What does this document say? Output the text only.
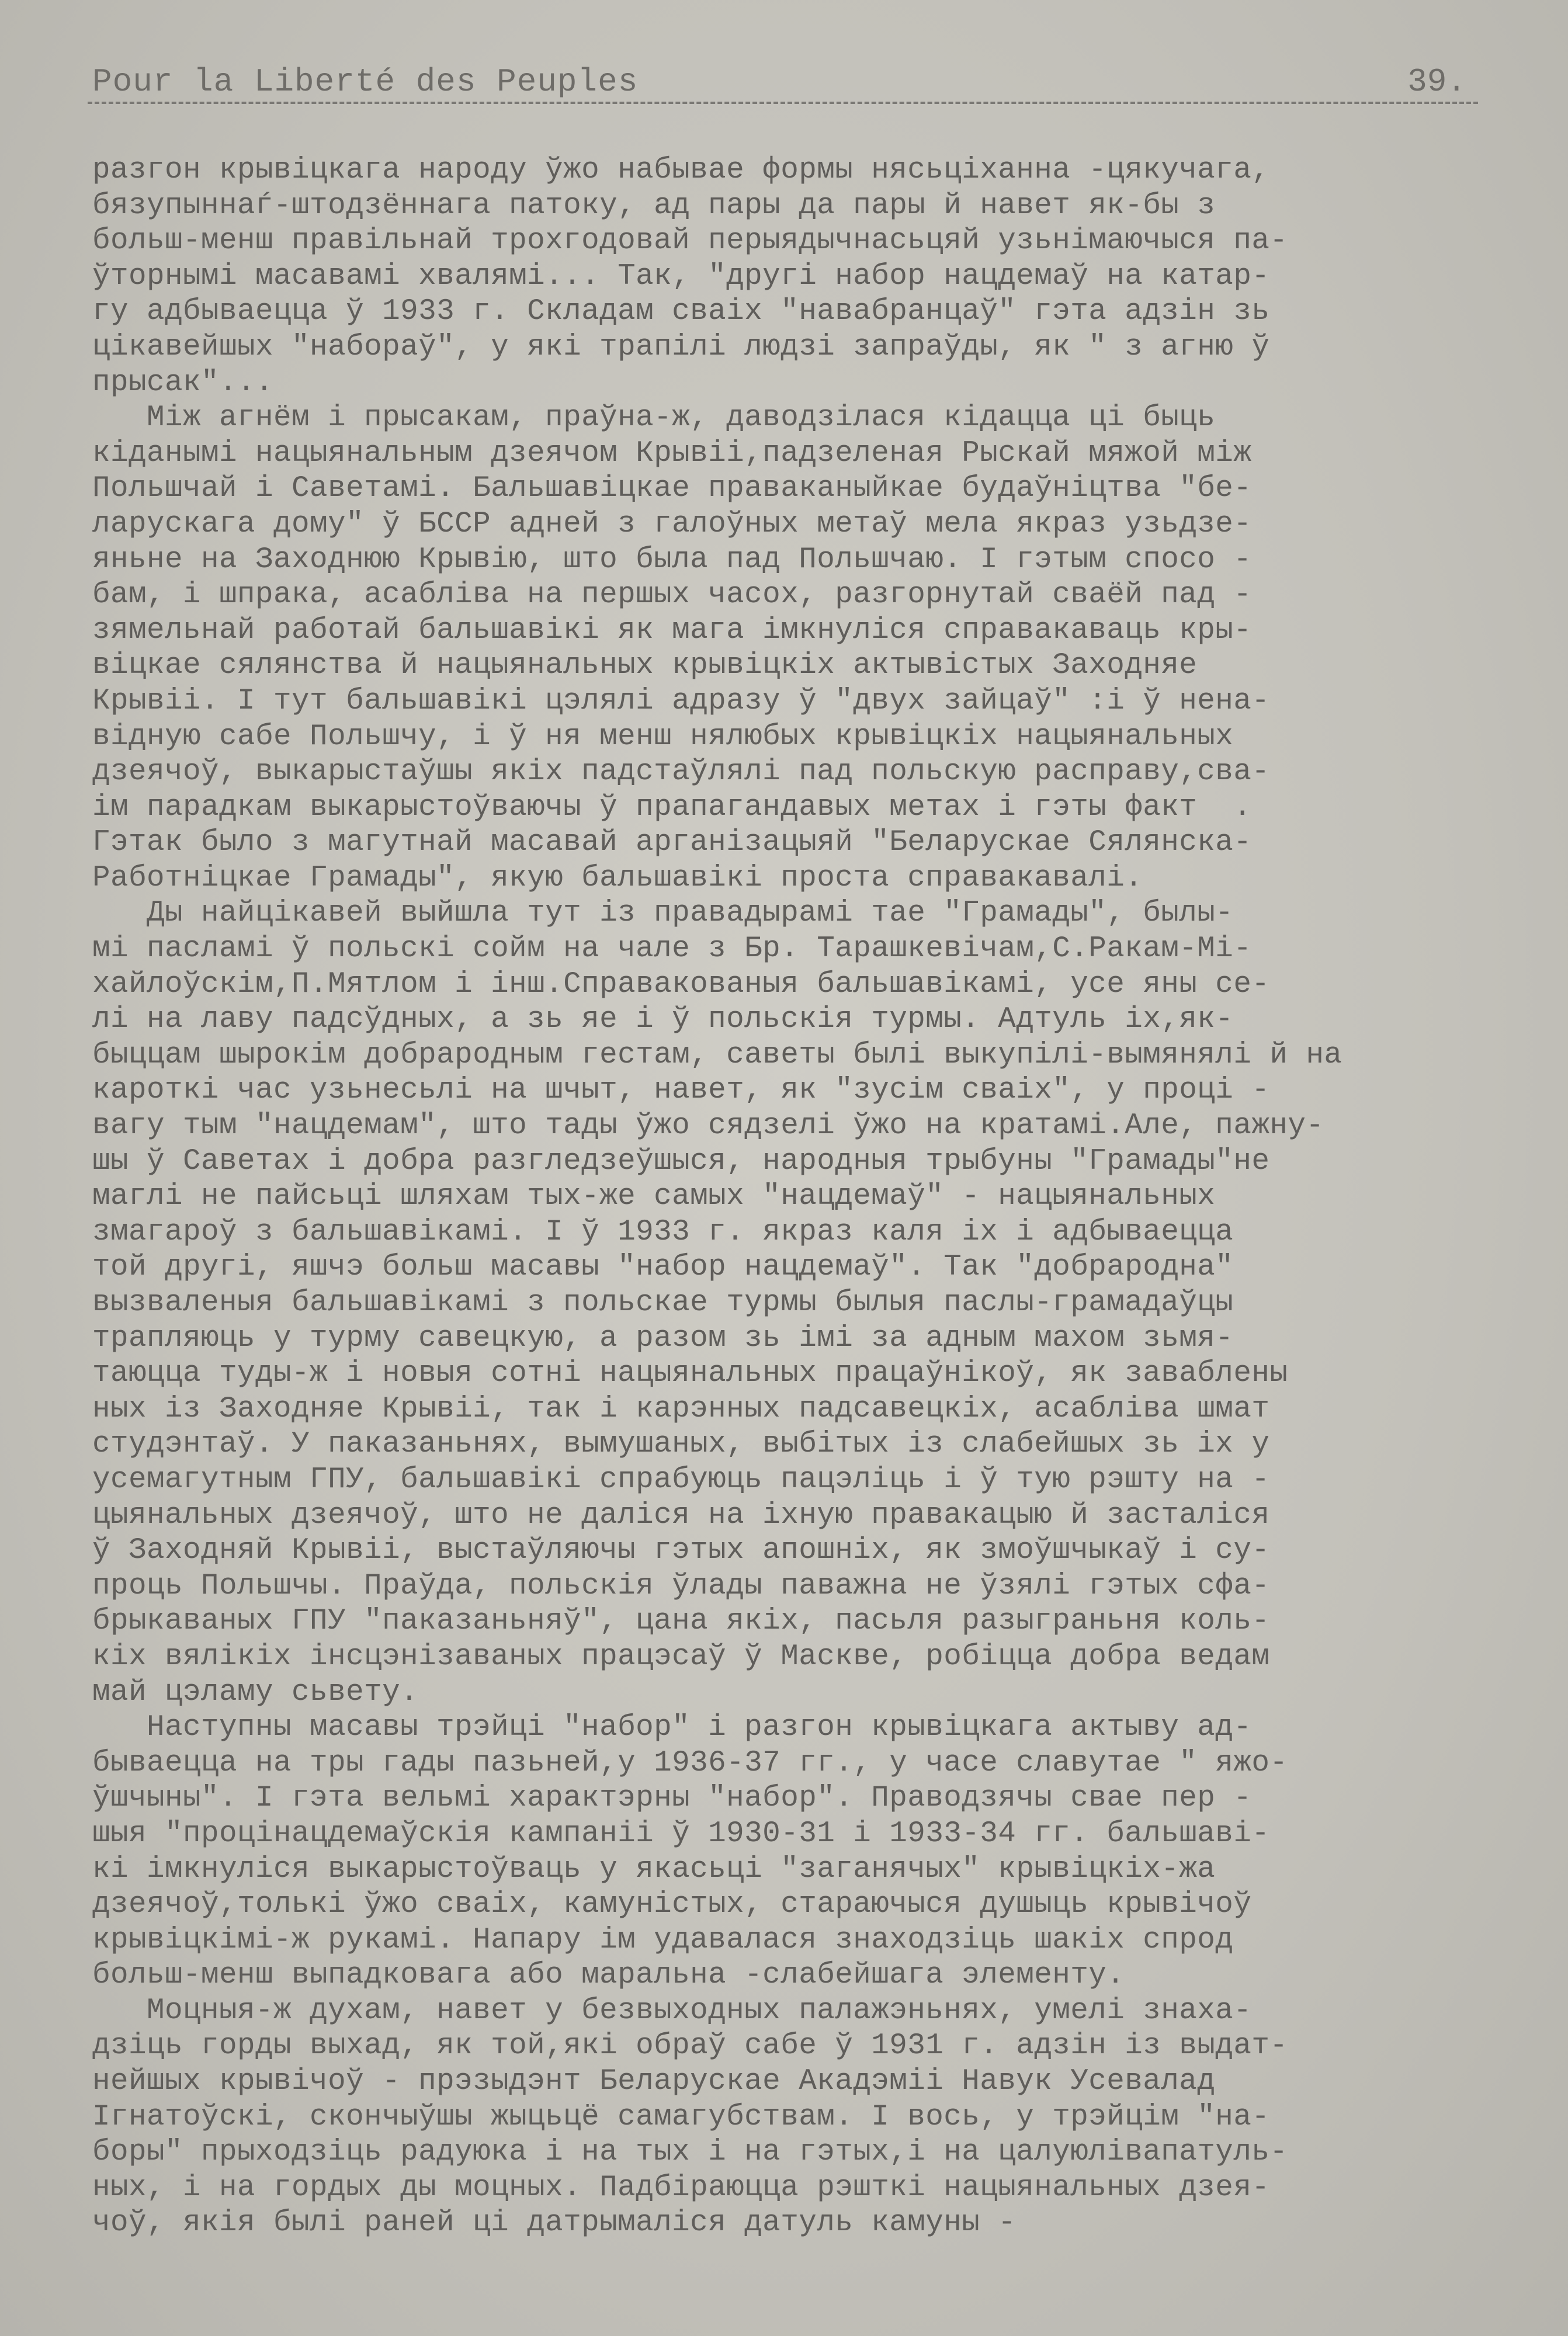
Pour la Liberté des Peuples

	39.

разгон крывіцкага народу ўжо набывае формы нясьціханна -цякучага,
бязупыннаѓ-штодзённага патоку, ад пары да пары й навет як-бы з
больш-менш правільнай трохгодовай перыядычнасьцяй узьнімаючыся па-
ўторнымі масавамі хвалямі... Так, "другі набор нацдемаў на катар-
гу адбываецца ў 1933 г. Складам сваіх "навабранцаў" гэта адзін зь
цікавейшых "набораў", у які трапілі людзі запраўды, як " з агню ў
прысак"...
Між агнём і прысакам, праўна-ж, даводзілася кідацца ці быць
кіданымі нацыянальным дзеячом Крывіі,падзеленая Рыскай мяжой між
Польшчай і Саветамі. Бальшавіцкае праваканыйкае будаўніцтва "бе-
ларускага дому" ў БССР адней з галоўных метаў мела якраз узьдзе-
яньне на Заходнюю Крывію, што была пад Польшчаю. І гэтым спосо -
бам, і шпрака, асабліва на першых часох, разгорнутай сваёй пад -
зямельнай работай бальшавікі як мага імкнуліся справакаваць кры-
віцкае сялянства й нацыянальных крывіцкіх актывістых Заходняе
Крывіі. І тут бальшавікі цэлялі адразу ў "двух зайцаў" :і ў нена-
відную сабе Польшчу, і ў ня менш нялюбых крывіцкіх нацыянальных
дзеячоў, выкарыстаўшы якіх падстаўлялі пад польскую расправу,сва-
ім парадкам выкарыстоўваючы ў прапагандавых метах і гэты факт  .
Гэтак было з магутнай масавай арганізацыяй "Беларускае Сялянска-
Работніцкае Грамады", якую бальшавікі проста справакавалі.
Ды найцікавей выйшла тут із правадырамі тае "Грамады", былы-
мі пасламі ў польскі сойм на чале з Бр. Тарашкевічам,С.Ракам-Мі-
хайлоўскім,П.Мятлом і інш.Справакованыя бальшавікамі, усе яны се-
лі на лаву падсўдных, а зь яе і ў польскія турмы. Адтуль іх,як-
быццам шырокім добрародным гестам, саветы былі выкупілі-вымянялі й на
кароткі час узьнесьлі на шчыт, навет, як "зусім сваіх", у процi -
вагу тым "нацдемам", што тады ўжо сядзелі ўжо на кратамі.Але, пажну-
шы ў Саветах і добра разгледзеўшыся, народныя трыбуны "Грамады"не
маглі не пайсьці шляхам тых-же самых "нацдемаў" - нацыянальных
змагароў з бальшавікамі. І ў 1933 г. якраз каля іх і адбываецца
той другі, яшчэ больш масавы "набор нацдемаў". Так "добрародна"
вызваленыя бальшавікамі з польскае турмы былыя паслы-грамадаўцы
трапляюць у турму савецкую, а разом зь імі за адным махом зьмя-
таюцца туды-ж і новыя сотні нацыянальных працаўнікоў, як заваблены
ных із Заходняе Крывіі, так і карэнных падсавецкіх, асабліва шмат
студэнтаў. У паказаньнях, вымушаных, выбітых із слабейшых зь іх у
усемагутным ГПУ, бальшавікі спрабуюць пацэліць і ў тую рэшту на -
цыянальных дзеячоў, што не даліся на іхную правакацыю й засталіся
ў Заходняй Крывіі, выстаўляючы гэтых апошніх, як змоўшчыкаў і су-
проць Польшчы. Праўда, польскія ўлады паважна не ўзялі гэтых сфа-
брыкаваных ГПУ "паказаньняў", цана якіх, пасьля разыграньня коль-
кіх вялікіх інсцэнізаваных працэсаў ў Маскве, робіцца добра ведам
май цэламу сьвету.
Наступны масавы трэйці "набор" і разгон крывіцкага актыву ад-
бываецца на тры гады пазьней,у 1936-37 гг., у часе славутае " яжо-
ўшчыны". І гэта вельмі характэрны "набор". Праводзячы свае пер -
шыя "процінацдемаўскія кампаніі ў 1930-31 і 1933-34 гг. бальшаві-
кі імкнуліся выкарыстоўваць у якасьці "заганячых" крывіцкіх-жа
дзеячоў,толькі ўжо сваіх, камуністых, стараючыся душыць крывічоў
крывіцкімі-ж рукамі. Напару ім удавалася знаходзіць шакіх спрод
больш-менш выпадковага або маральна -слабейшага элементу.
Моцныя-ж духам, навет у безвыходных палажэньнях, умелі знаха-
дзіць горды выхад, як той,які обраў сабе ў 1931 г. адзін із выдат-
нейшых крывічоў - прэзыдэнт Беларускае Акадэміі Навук Усевалад
Ігнатоўскі, скончыўшы жыцьцё самагубствам. І вось, у трэйцім "на-
боры" прыходзіць радуюка і на тых і на гэтых,і на цалуюлівапатуль-
ных, і на гордых ды моцных. Падбіраюцца рэшткі нацыянальных дзея-
чоў, якія былі раней ці датрымаліся датуль камуны -
